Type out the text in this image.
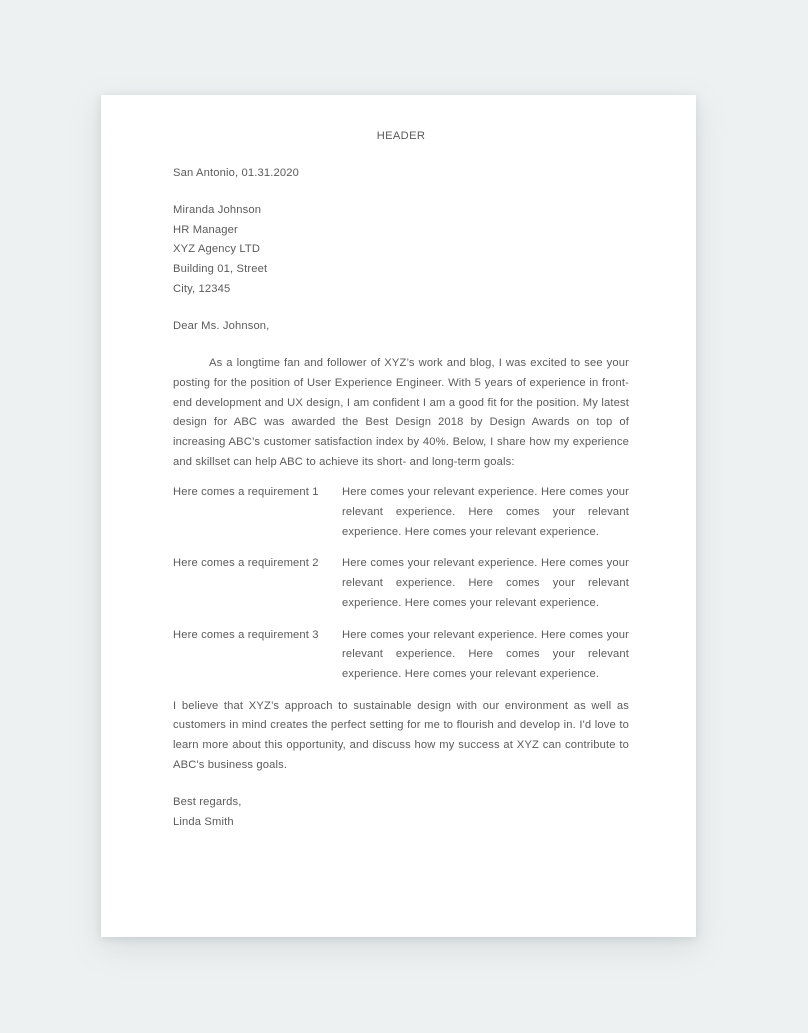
HEADER
San Antonio, 01.31.2020
Miranda Johnson
HR Manager
XYZ Agency LTD
Building 01, Street
City, 12345
Dear Ms. Johnson,

As a longtime fan and follower of XYZ’s work and blog, I was excited to see your posting for the position of User Experience Engineer. With 5 years of experience in front-end development and UX design, I am confident I am a good fit for the position. My latest design for ABC was awarded the Best Design 2018 by Design Awards on top of increasing ABC’s customer satisfaction index by 40%. Below, I share how my experience and skillset can help ABC to achieve its short- and long-term goals:

Here comes a requirement 1	Here comes your relevant experience. Here comes your relevant experience. Here comes your relevant experience. Here comes your relevant experience.
Here comes a requirement 2	Here comes your relevant experience. Here comes your relevant experience. Here comes your relevant experience. Here comes your relevant experience.
Here comes a requirement 3	Here comes your relevant experience. Here comes your relevant experience. Here comes your relevant experience. Here comes your relevant experience.

I believe that XYZ’s approach to sustainable design with our environment as well as customers in mind creates the perfect setting for me to flourish and develop in. I'd love to learn more about this opportunity, and discuss how my success at XYZ can contribute to ABC's business goals.

Best regards,
Linda Smith
